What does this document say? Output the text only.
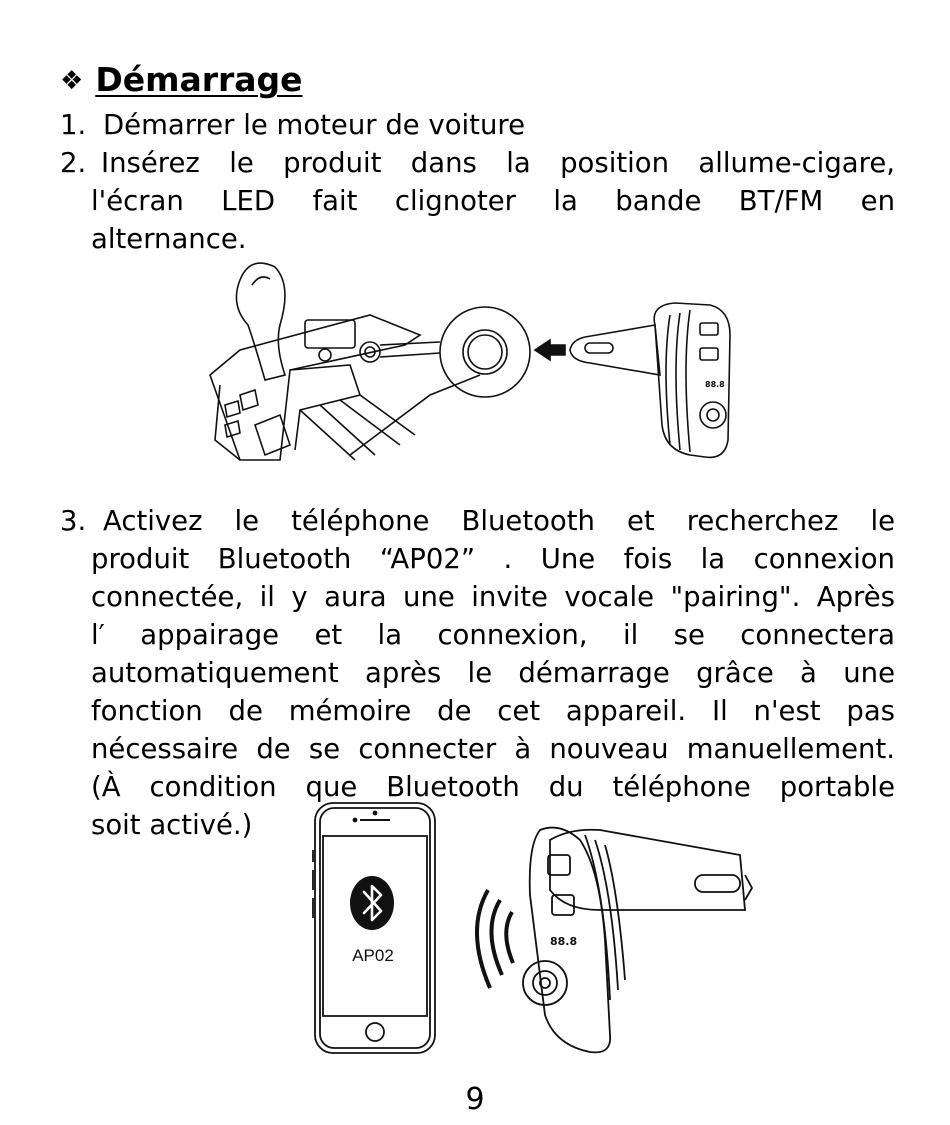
❖ Démarrage
1. Démarrer le moteur de voiture
2. Insérez le produit dans la position allume-cigare,
l'écran LED fait clignoter la bande BT/FM en
alternance.
88.8
3. Activez le téléphone Bluetooth et recherchez le
produit Bluetooth “AP02” . Une fois la connexion
connectée, il y aura une invite vocale "pairing". Après
l′ appairage et la connexion, il se connectera
automatiquement après le démarrage grâce à une
fonction de mémoire de cet appareil. Il n'est pas
nécessaire de se connecter à nouveau manuellement.
(À condition que Bluetooth du téléphone portable
soit activé.)
AP02
88.8
9
